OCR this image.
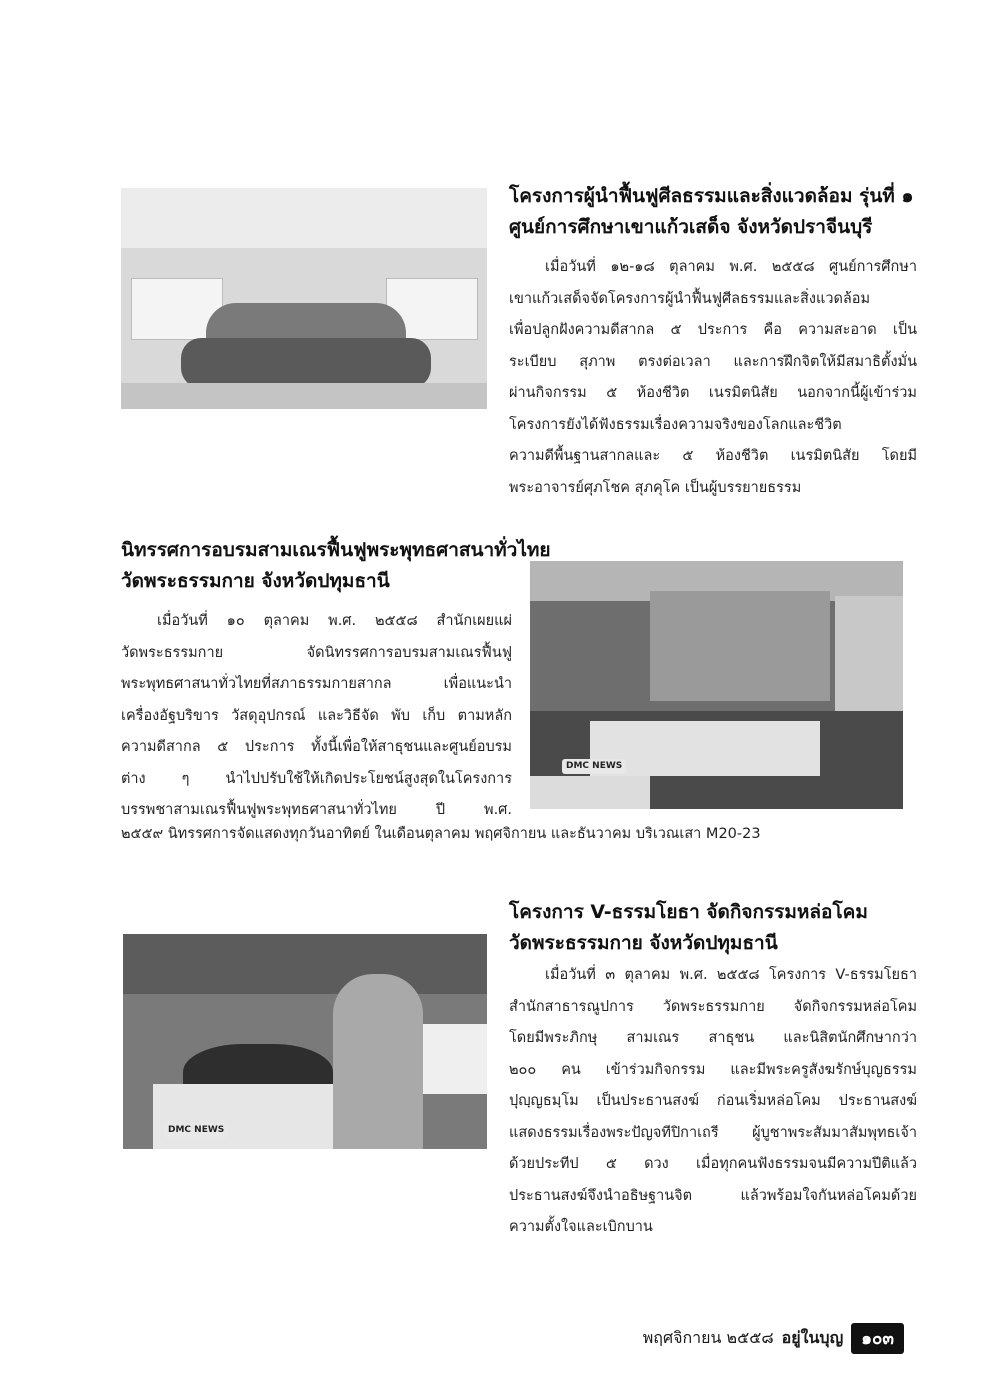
โครงการผู้นำฟื้นฟูศีลธรรมและสิ่งแวดล้อม รุ่นที่ ๑
ศูนย์การศึกษาเขาแก้วเสด็จ จังหวัดปราจีนบุรี
เมื่อวันที่ ๑๒-๑๘ ตุลาคม พ.ศ. ๒๕๕๘ ศูนย์การศึกษา
เขาแก้วเสด็จจัดโครงการผู้นำฟื้นฟูศีลธรรมและสิ่งแวดล้อม
เพื่อปลูกฝังความดีสากล ๕ ประการ คือ ความสะอาด เป็น
ระเบียบ สุภาพ ตรงต่อเวลา และการฝึกจิตให้มีสมาธิตั้งมั่น
ผ่านกิจกรรม ๕ ห้องชีวิต เนรมิตนิสัย นอกจากนี้ผู้เข้าร่วม
โครงการยังได้ฟังธรรมเรื่องความจริงของโลกและชีวิต
ความดีพื้นฐานสากลและ ๕ ห้องชีวิต เนรมิตนิสัย โดยมี
พระอาจารย์ศุภโชค สุภคุโค เป็นผู้บรรยายธรรม
นิทรรศการอบรมสามเณรฟื้นฟูพระพุทธศาสนาทั่วไทย
วัดพระธรรมกาย จังหวัดปทุมธานี
DMC NEWS
เมื่อวันที่ ๑๐ ตุลาคม พ.ศ. ๒๕๕๘ สำนักเผยแผ่
วัดพระธรรมกาย จัดนิทรรศการอบรมสามเณรฟื้นฟู
พระพุทธศาสนาทั่วไทยที่สภาธรรมกายสากล เพื่อแนะนำ
เครื่องอัฐบริขาร วัสดุอุปกรณ์ และวิธีจัด พับ เก็บ ตามหลัก
ความดีสากล ๕ ประการ ทั้งนี้เพื่อให้สาธุชนและศูนย์อบรม
ต่าง ๆ นำไปปรับใช้ให้เกิดประโยชน์สูงสุดในโครงการ
บรรพชาสามเณรฟื้นฟูพระพุทธศาสนาทั่วไทย ปี พ.ศ.
๒๕๕๙ นิทรรศการจัดแสดงทุกวันอาทิตย์ ในเดือนตุลาคม พฤศจิกายน และธันวาคม บริเวณเสา M20-23
DMC NEWS
โครงการ V-ธรรมโยธา จัดกิจกรรมหล่อโคม
วัดพระธรรมกาย จังหวัดปทุมธานี
เมื่อวันที่ ๓ ตุลาคม พ.ศ. ๒๕๕๘ โครงการ V-ธรรมโยธา
สำนักสาธารณูปการ วัดพระธรรมกาย จัดกิจกรรมหล่อโคม
โดยมีพระภิกษุ สามเณร สาธุชน และนิสิตนักศึกษากว่า
๒๐๐ คน เข้าร่วมกิจกรรม และมีพระครูสังฆรักษ์บุญธรรม
ปุญฺญธมฺโม เป็นประธานสงฆ์ ก่อนเริ่มหล่อโคม ประธานสงฆ์
แสดงธรรมเรื่องพระปัญจทีปิกาเถรี ผู้บูชาพระสัมมาสัมพุทธเจ้า
ด้วยประทีป ๕ ดวง เมื่อทุกคนฟังธรรมจนมีความปีติแล้ว
ประธานสงฆ์จึงนำอธิษฐานจิต แล้วพร้อมใจกันหล่อโคมด้วย
ความตั้งใจและเบิกบาน
พฤศจิกายน ๒๕๕๘ อยู่ในบุญ	๑๐๓
